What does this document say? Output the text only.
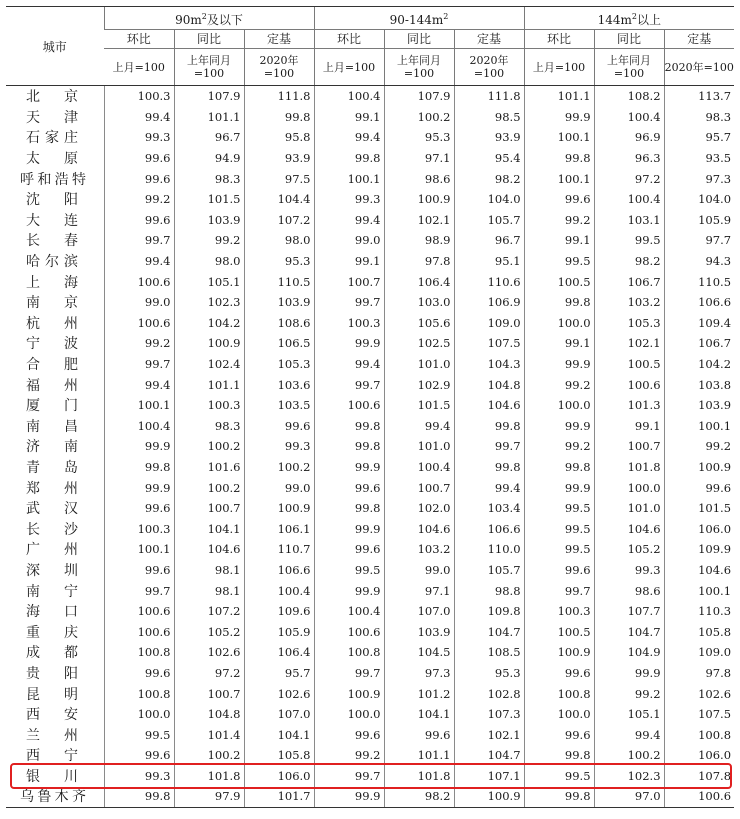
城市	$90m^2$及以下			$90-144m^2$			$144m^2$以上		
	环比	同比	定基	环比	同比	定基	环比	同比	定基
	上月=100	上年同月=100	2020年=100	上月=100	上年同月=100	2020年=100	上月=100	上年同月=100	2020年=100

北京	100.3	107.9	111.8	100.4	107.9	111.8	101.1	108.2	113.7

天津	99.4	101.1	99.8	99.1	100.2	98.5	99.9	100.4	98.3

石家庄	99.3	96.7	95.8	99.4	95.3	93.9	100.1	96.9	95.7

太原	99.6	94.9	93.9	99.8	97.1	95.4	99.8	96.3	93.5

呼和浩特	99.6	98.3	97.5	100.1	98.6	98.2	100.1	97.2	97.3

沈阳	99.2	101.5	104.4	99.3	100.9	104.0	99.6	100.4	104.0

大连	99.6	103.9	107.2	99.4	102.1	105.7	99.2	103.1	105.9

长春	99.7	99.2	98.0	99.0	98.9	96.7	99.1	99.5	97.7

哈尔滨	99.4	98.0	95.3	99.1	97.8	95.1	99.5	98.2	94.3

上海	100.6	105.1	110.5	100.7	106.4	110.6	100.5	106.7	110.5

南京	99.0	102.3	103.9	99.7	103.0	106.9	99.8	103.2	106.6

杭州	100.6	104.2	108.6	100.3	105.6	109.0	100.0	105.3	109.4

宁波	99.2	100.9	106.5	99.9	102.5	107.5	99.1	102.1	106.7

合肥	99.7	102.4	105.3	99.4	101.0	104.3	99.9	100.5	104.2

福州	99.4	101.1	103.6	99.7	102.9	104.8	99.2	100.6	103.8

厦门	100.1	100.3	103.5	100.6	101.5	104.6	100.0	101.3	103.9

南昌	100.4	98.3	99.6	99.8	99.4	99.8	99.9	99.1	100.1

济南	99.9	100.2	99.3	99.8	101.0	99.7	99.2	100.7	99.2

青岛	99.8	101.6	100.2	99.9	100.4	99.8	99.8	101.8	100.9

郑州	99.9	100.2	99.0	99.6	100.7	99.4	99.9	100.0	99.6

武汉	99.6	100.7	100.9	99.8	102.0	103.4	99.5	101.0	101.5

长沙	100.3	104.1	106.1	99.9	104.6	106.6	99.5	104.6	106.0

广州	100.1	104.6	110.7	99.6	103.2	110.0	99.5	105.2	109.9

深圳	99.6	98.1	106.6	99.5	99.0	105.7	99.6	99.3	104.6

南宁	99.7	98.1	100.4	99.9	97.1	98.8	99.7	98.6	100.1

海口	100.6	107.2	109.6	100.4	107.0	109.8	100.3	107.7	110.3

重庆	100.6	105.2	105.9	100.6	103.9	104.7	100.5	104.7	105.8

成都	100.8	102.6	106.4	100.8	104.5	108.5	100.9	104.9	109.0

贵阳	99.6	97.2	95.7	99.7	97.3	95.3	99.6	99.9	97.8

昆明	100.8	100.7	102.6	100.9	101.2	102.8	100.8	99.2	102.6

西安	100.0	104.8	107.0	100.0	104.1	107.3	100.0	105.1	107.5

兰州	99.5	101.4	104.1	99.6	99.6	102.1	99.6	99.4	100.8

西宁	99.6	100.2	105.8	99.2	101.1	104.7	99.8	100.2	106.0

银川	99.3	101.8	106.0	99.7	101.8	107.1	99.5	102.3	107.8

乌鲁木齐	99.8	97.9	101.7	99.9	98.2	100.9	99.8	97.0	100.6
